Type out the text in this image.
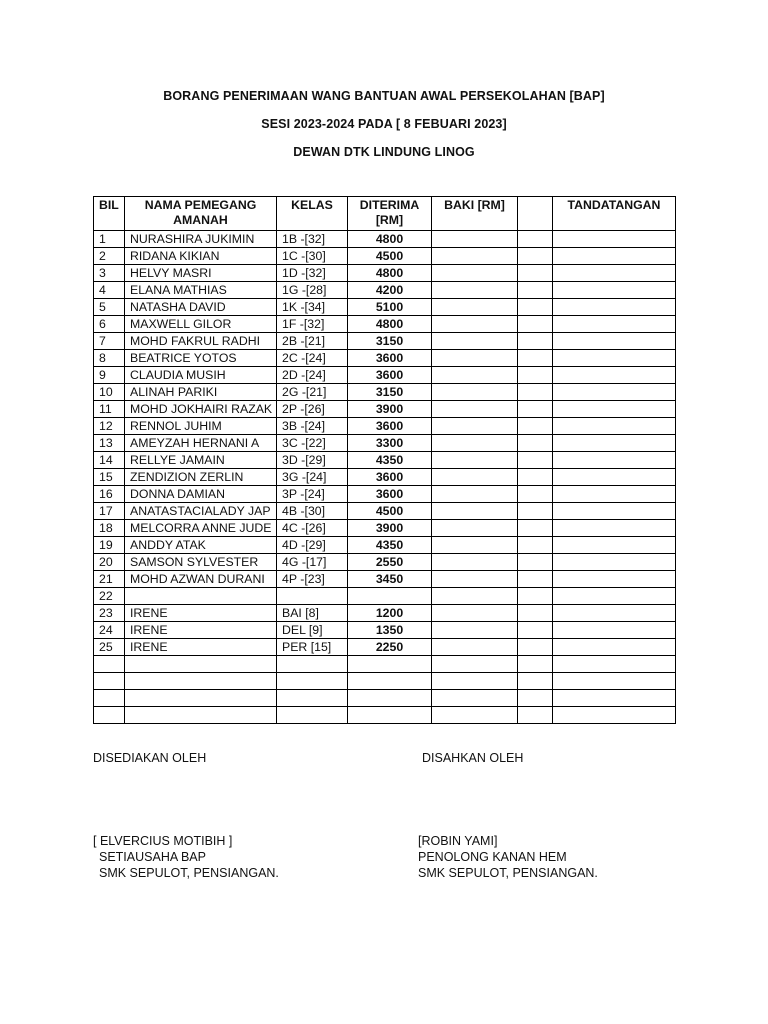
BORANG PENERIMAAN WANG BANTUAN AWAL PERSEKOLAHAN [BAP]
SESI 2023-2024 PADA [ 8 FEBUARI 2023]
DEWAN DTK LINDUNG LINOG
BIL	NAMA PEMEGANG AMANAH	KELAS	DITERIMA [RM]	BAKI [RM]		TANDATANGAN
1	NURASHIRA JUKIMIN	1B -[32]	4800			
2	RIDANA KIKIAN	1C -[30]	4500			
3	HELVY MASRI	1D -[32]	4800			
4	ELANA MATHIAS	1G -[28]	4200			
5	NATASHA DAVID	1K -[34]	5100			
6	MAXWELL GILOR	1F -[32]	4800			
7	MOHD FAKRUL RADHI	2B -[21]	3150			
8	BEATRICE YOTOS	2C -[24]	3600			
9	CLAUDIA MUSIH	2D -[24]	3600			
10	ALINAH PARIKI	2G -[21]	3150			
11	MOHD JOKHAIRI RAZAK	2P -[26]	3900			
12	RENNOL JUHIM	3B -[24]	3600			
13	AMEYZAH HERNANI A	3C -[22]	3300			
14	RELLYE JAMAIN	3D -[29]	4350			
15	ZENDIZION ZERLIN	3G -[24]	3600			
16	DONNA DAMIAN	3P -[24]	3600			
17	ANATASTACIALADY JAP	4B -[30]	4500			
18	MELCORRA ANNE JUDE	4C -[26]	3900			
19	ANDDY ATAK	4D -[29]	4350			
20	SAMSON SYLVESTER	4G -[17]	2550			
21	MOHD AZWAN DURANI	4P -[23]	3450			
22						
23	IRENE	BAI [8]	1200			
24	IRENE	DEL [9]	1350			
25	IRENE	PER [15]	2250			

DISEDIAKAN OLEH	DISAHKAN OLEH
[ ELVERCIUS MOTIBIH ]
SETIAUSAHA BAP
SMK SEPULOT, PENSIANGAN.
[ROBIN YAMI]
PENOLONG KANAN HEM
SMK SEPULOT, PENSIANGAN.
